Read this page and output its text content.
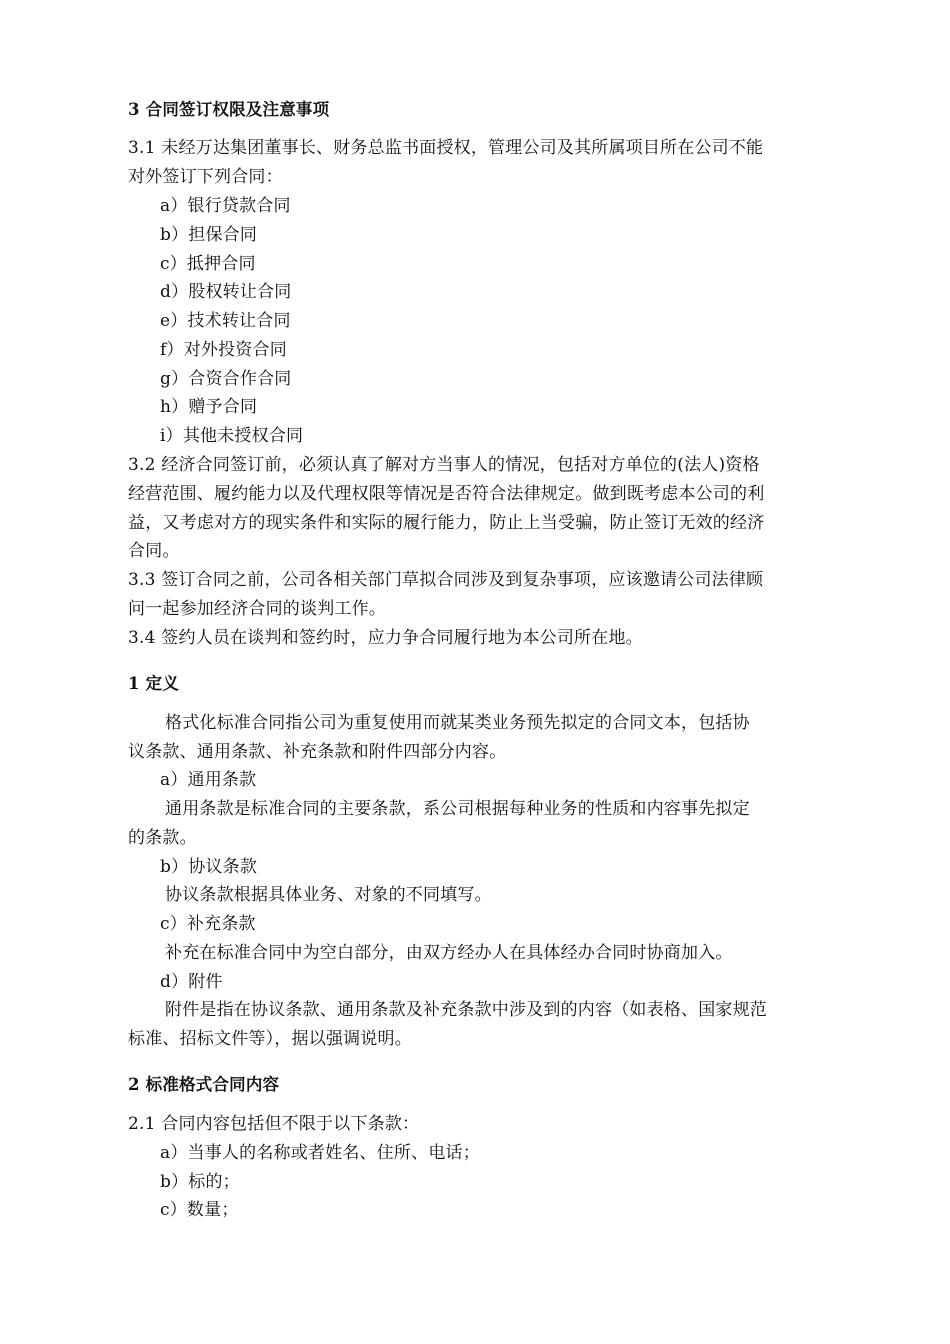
3 合同签订权限及注意事项
3.1 未经万达集团董事长、财务总监书面授权，管理公司及其所属项目所在公司不能
对外签订下列合同：
a）银行贷款合同
b）担保合同
c）抵押合同
d）股权转让合同
e）技术转让合同
f）对外投资合同
g）合资合作合同
h）赠予合同
i）其他未授权合同
3.2 经济合同签订前，必须认真了解对方当事人的情况，包括对方单位的(法人)资格
经营范围、履约能力以及代理权限等情况是否符合法律规定。做到既考虑本公司的利
益，又考虑对方的现实条件和实际的履行能力，防止上当受骗，防止签订无效的经济
合同。
3.3 签订合同之前，公司各相关部门草拟合同涉及到复杂事项，应该邀请公司法律顾
问一起参加经济合同的谈判工作。
3.4 签约人员在谈判和签约时，应力争合同履行地为本公司所在地。
1 定义
格式化标准合同指公司为重复使用而就某类业务预先拟定的合同文本，包括协
议条款、通用条款、补充条款和附件四部分内容。
a）通用条款
通用条款是标准合同的主要条款，系公司根据每种业务的性质和内容事先拟定
的条款。
b）协议条款
协议条款根据具体业务、对象的不同填写。
c）补充条款
补充在标准合同中为空白部分，由双方经办人在具体经办合同时协商加入。
d）附件
附件是指在协议条款、通用条款及补充条款中涉及到的内容（如表格、国家规范
标准、招标文件等），据以强调说明。
2 标准格式合同内容
2.1 合同内容包括但不限于以下条款：
a）当事人的名称或者姓名、住所、电话；
b）标的；
c）数量；
